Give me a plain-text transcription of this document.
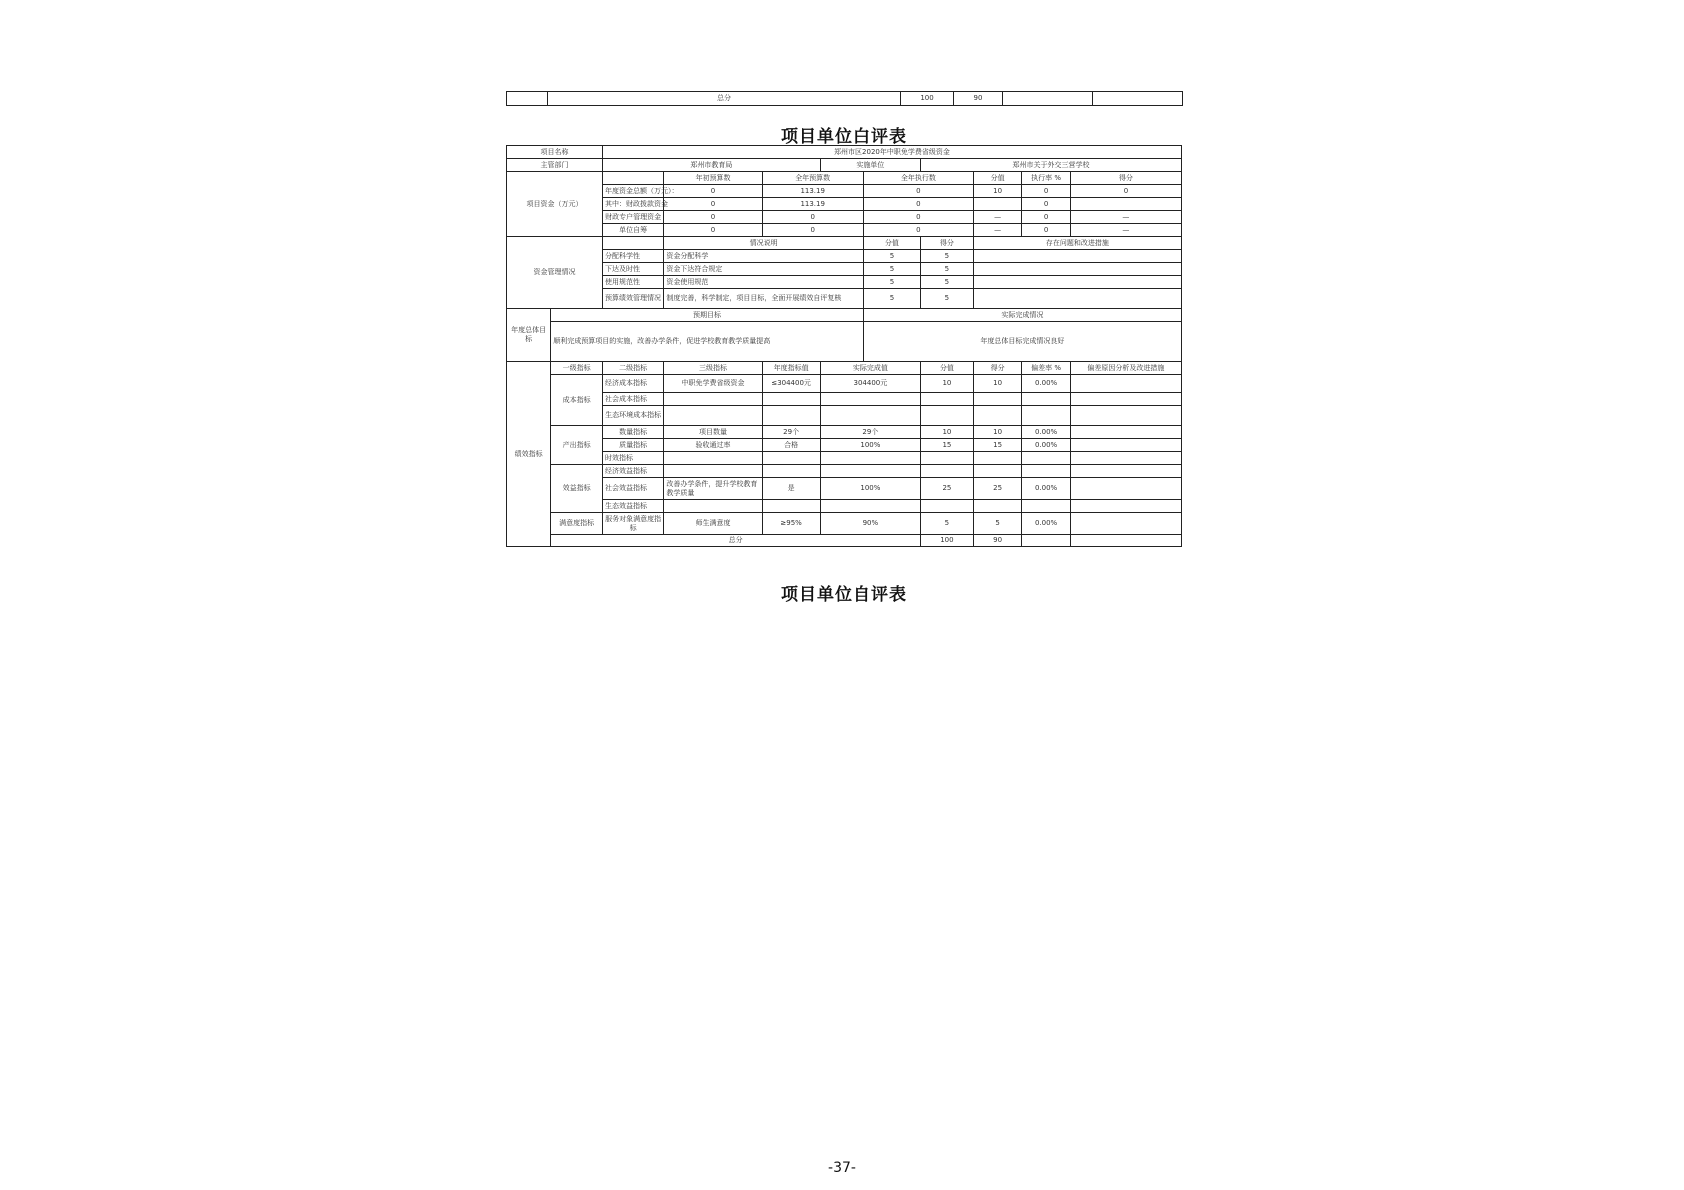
	总分	100	90		
项目单位白评表
项目名称		郑州市区2020年中职免学费省级资金								
主管部门		郑州市教育局			实施单位		郑州市关于外交三营学校			
项目资金（万元）			年初预算数	全年预算数		全年执行数		分值	执行率 %	得分
		年度资金总额（万元）：	0	113.19		0		10	0	0
		其中：财政拨款资金	0	113.19		0			0	
		财政专户管理资金	0	0		0		—	0	—
		单位自筹	0	0		0		—	0	—
资金管理情况			情况说明			分值	得分	存在问题和改进措施		
		分配科学性	资金分配科学			5	5			
		下达及时性	资金下达符合规定			5	5			
		使用规范性	资金使用规范			5	5			
		预算绩效管理情况	制度完善，科学制定，项目目标，全面开展绩效自评复核			5	5			
年度总体目标	预期目标					实际完成情况				
	顺利完成预算项目的实施，改善办学条件，促进学校教育教学质量提高					年度总体目标完成情况良好				
绩效指标	一级指标	二级指标	三级指标	年度指标值	实际完成值		分值	得分	偏差率 %	偏差原因分析及改进措施
	成本指标	经济成本指标	中职免学费省级资金	≤304400元	304400元		10	10	0.00%	
		社会成本指标								
		生态环境成本指标								
	产出指标	数量指标	项目数量	29个	29个		10	10	0.00%	
		质量指标	验收通过率	合格	100%		15	15	0.00%	
		时效指标								
	效益指标	经济效益指标								
		社会效益指标	改善办学条件，提升学校教育教学质量	是	100%		25	25	0.00%	
		生态效益指标								
	满意度指标	服务对象满意度指标	师生满意度	≥95%	90%		5	5	0.00%	
	总分						100	90		
项目单位自评表
-37-
